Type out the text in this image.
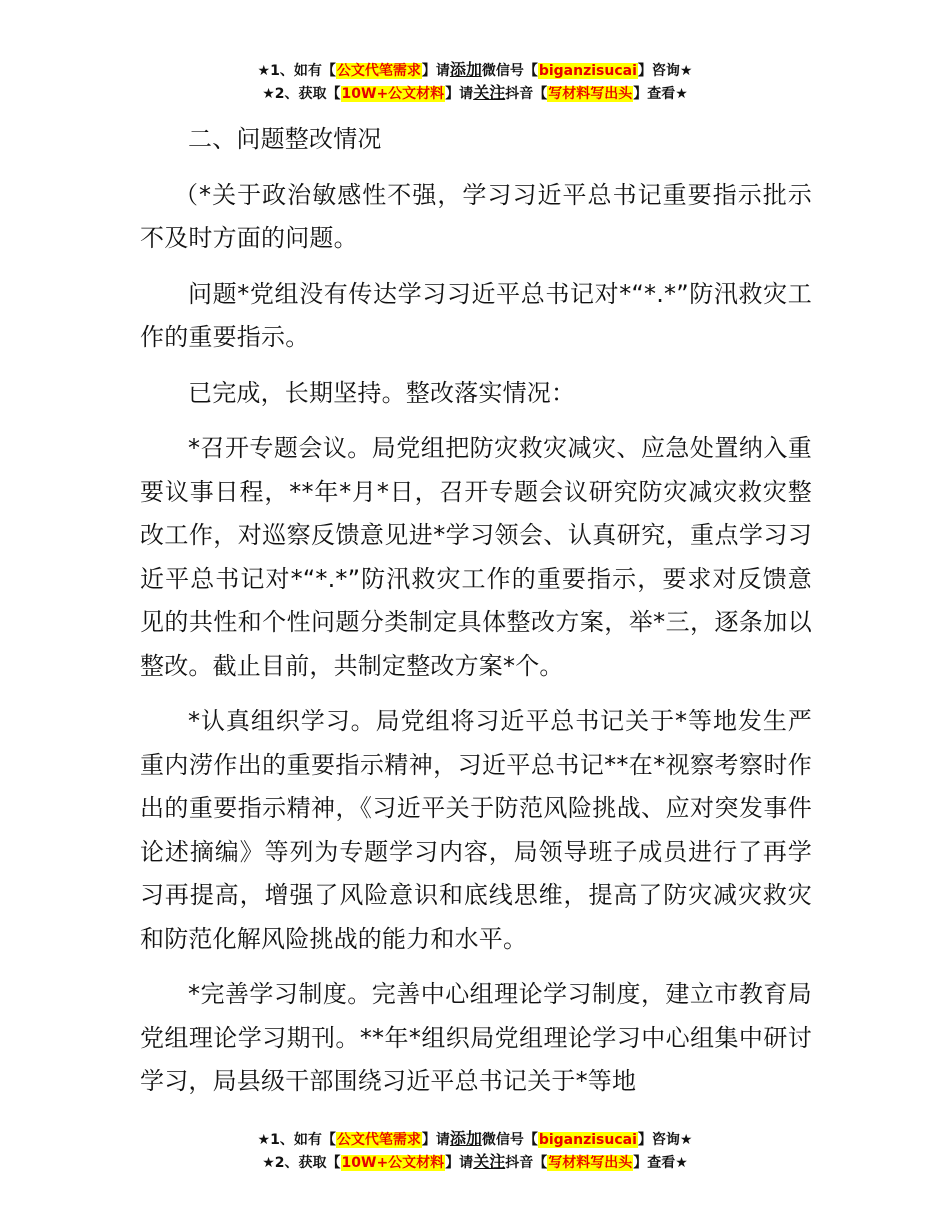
★1、如有【公文代笔需求】请添加微信号【biganzisucai】咨询★
★2、获取【10W+公文材料】请关注抖音【写材料写出头】查看★

二、问题整改情况

（*关于政治敏感性不强，学习习近平总书记重要指示批示不及时方面的问题。

问题*党组没有传达学习习近平总书记对*“*.*”防汛救灾工作的重要指示。

已完成，长期坚持。整改落实情况：

*召开专题会议。局党组把防灾救灾减灾、应急处置纳入重要议事日程，**年*月*日，召开专题会议研究防灾减灾救灾整改工作，对巡察反馈意见进*学习领会、认真研究，重点学习习近平总书记对*“*.*”防汛救灾工作的重要指示，要求对反馈意见的共性和个性问题分类制定具体整改方案，举*三，逐条加以整改。截止目前，共制定整改方案*个。

*认真组织学习。局党组将习近平总书记关于*等地发生严重内涝作出的重要指示精神，习近平总书记**在*视察考察时作出的重要指示精神，《习近平关于防范风险挑战、应对突发事件论述摘编》等列为专题学习内容，局领导班子成员进行了再学习再提高，增强了风险意识和底线思维，提高了防灾减灾救灾和防范化解风险挑战的能力和水平。

*完善学习制度。完善中心组理论学习制度，建立市教育局党组理论学习期刊。**年*组织局党组理论学习中心组集中研讨学习，局县级干部围绕习近平总书记关于*等地

★1、如有【公文代笔需求】请添加微信号【biganzisucai】咨询★
★2、获取【10W+公文材料】请关注抖音【写材料写出头】查看★
